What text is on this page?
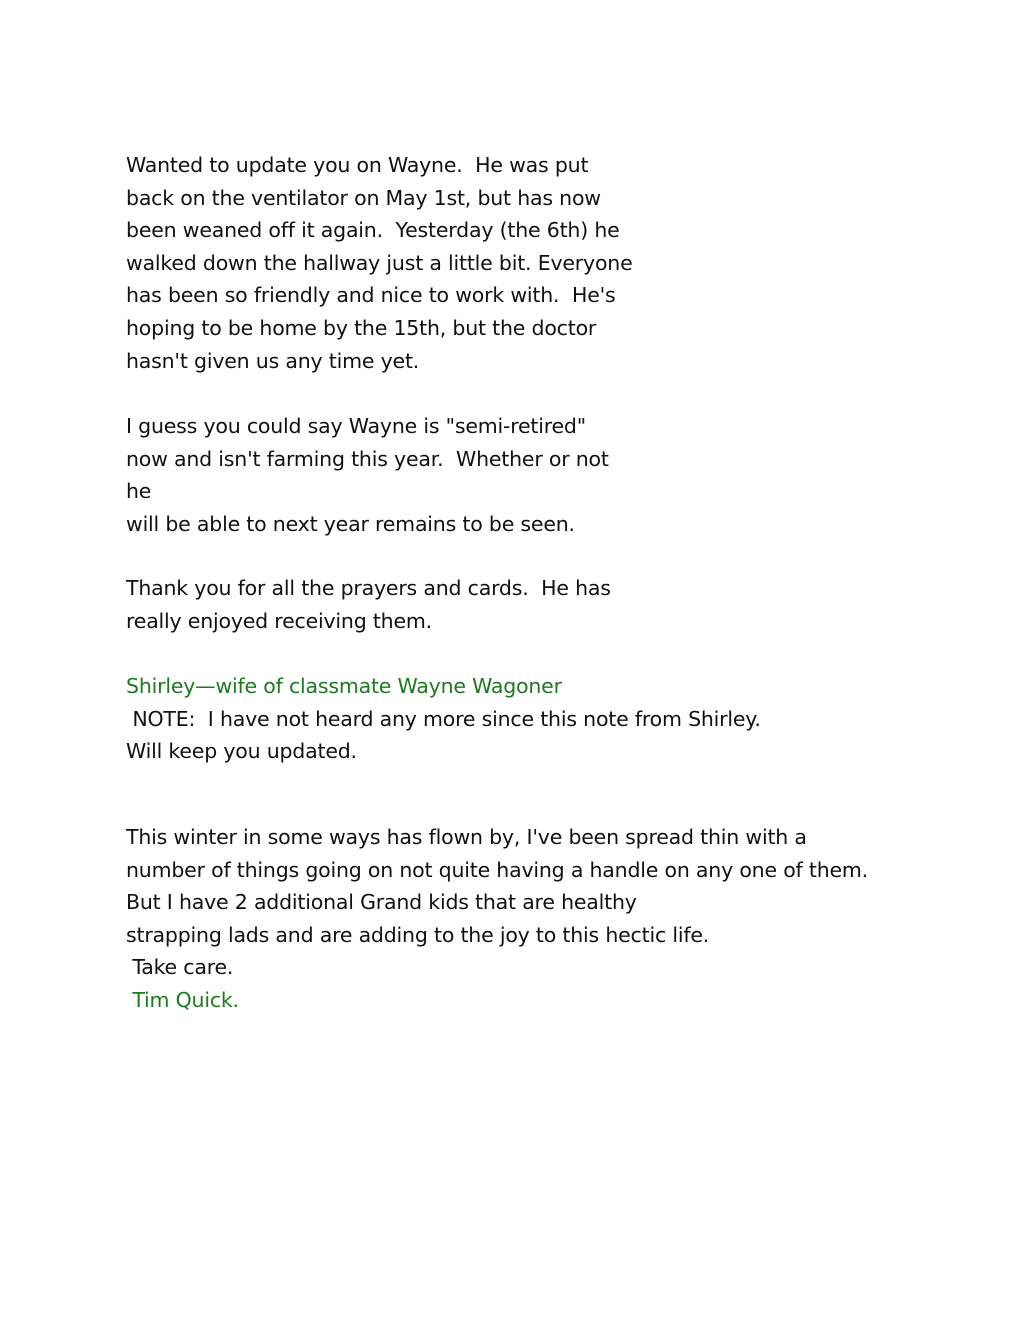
Wanted to update you on Wayne.  He was put
back on the ventilator on May 1st, but has now
been weaned off it again.  Yesterday (the 6th) he
walked down the hallway just a little bit. Everyone
has been so friendly and nice to work with.  He's
hoping to be home by the 15th, but the doctor
hasn't given us any time yet.
I guess you could say Wayne is "semi-retired"
now and isn't farming this year.  Whether or not
he
will be able to next year remains to be seen.
Thank you for all the prayers and cards.  He has
really enjoyed receiving them.
Shirley—wife of classmate Wayne Wagoner
NOTE:  I have not heard any more since this note from Shirley.
Will keep you updated.
This winter in some ways has flown by, I've been spread thin with a
number of things going on not quite having a handle on any one of them.
But I have 2 additional Grand kids that are healthy
strapping lads and are adding to the joy to this hectic life.
Take care.
Tim Quick.
